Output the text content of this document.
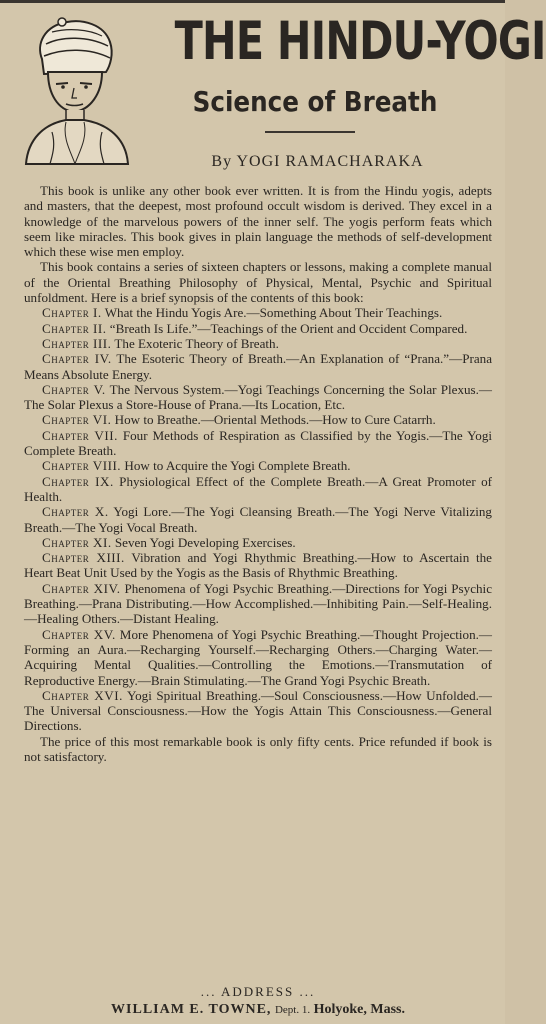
THE HINDU-YOGI
Science of Breath
By YOGI RAMACHARAKA

This book is unlike any other book ever written. It is from the Hindu yogis, adepts and masters, that the deepest, most profound occult wisdom is derived. They excel in a knowledge of the marvelous powers of the inner self. The yogis perform feats which seem like miracles. This book gives in plain language the methods of self-development which these wise men employ.

This book contains a series of sixteen chapters or lessons, making a complete manual of the Oriental Breathing Philosophy of Physical, Mental, Psychic and Spiritual unfoldment. Here is a brief synopsis of the contents of this book:

Chapter I. What the Hindu Yogis Are.—Something About Their Teachings.

Chapter II. “Breath Is Life.”—Teachings of the Orient and Occident Compared.

Chapter III. The Exoteric Theory of Breath.

Chapter IV. The Esoteric Theory of Breath.—An Explanation of “Prana.”—Prana Means Absolute Energy.

Chapter V. The Nervous System.—Yogi Teachings Concerning the Solar Plexus.—The Solar Plexus a Store-House of Prana.—Its Location, Etc.

Chapter VI. How to Breathe.—Oriental Methods.—How to Cure Catarrh.

Chapter VII. Four Methods of Respiration as Classified by the Yogis.—The Yogi Complete Breath.

Chapter VIII. How to Acquire the Yogi Complete Breath.

Chapter IX. Physiological Effect of the Complete Breath.—A Great Promoter of Health.

Chapter X. Yogi Lore.—The Yogi Cleansing Breath.—The Yogi Nerve Vitalizing Breath.—The Yogi Vocal Breath.

Chapter XI. Seven Yogi Developing Exercises.

Chapter XIII. Vibration and Yogi Rhythmic Breathing.—How to Ascertain the Heart Beat Unit Used by the Yogis as the Basis of Rhythmic Breathing.

Chapter XIV. Phenomena of Yogi Psychic Breathing.—Directions for Yogi Psychic Breathing.—Prana Distributing.—How Accomplished.—Inhibiting Pain.—Self-Healing.—Healing Others.—Distant Healing.

Chapter XV. More Phenomena of Yogi Psychic Breathing.—Thought Projection.—Forming an Aura.—Recharging Yourself.—Recharging Others.—Charging Water.—Acquiring Mental Qualities.—Controlling the Emotions.—Transmutation of Reproductive Energy.—Brain Stimulating.—The Grand Yogi Psychic Breath.

Chapter XVI. Yogi Spiritual Breathing.—Soul Consciousness.—How Unfolded.—The Universal Consciousness.—How the Yogis Attain This Consciousness.—General Directions.

The price of this most remarkable book is only fifty cents. Price refunded if book is not satisfactory.

... ADDRESS ...
WILLIAM E. TOWNE, Dept. 1. Holyoke, Mass.
